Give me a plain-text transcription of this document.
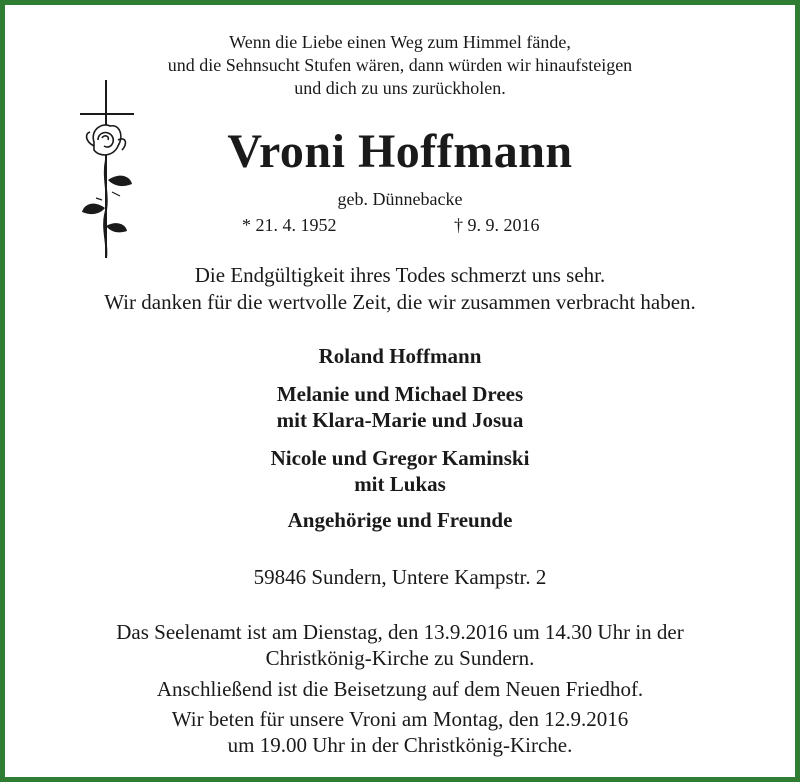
Wenn die Liebe einen Weg zum Himmel fände,
und die Sehnsucht Stufen wären, dann würden wir hinaufsteigen
und dich zu uns zurückholen.
Vroni Hoffmann
geb. Dünnebacke
* 21. 4. 1952	† 9. 9. 2016
Die Endgültigkeit ihres Todes schmerzt uns sehr.
Wir danken für die wertvolle Zeit, die wir zusammen verbracht haben.
Roland Hoffmann
Melanie und Michael Drees
mit Klara-Marie und Josua
Nicole und Gregor Kaminski
mit Lukas
Angehörige und Freunde
59846 Sundern, Untere Kampstr. 2
Das Seelenamt ist am Dienstag, den 13.9.2016 um 14.30 Uhr in der
Christkönig-Kirche zu Sundern.
Anschließend ist die Beisetzung auf dem Neuen Friedhof.
Wir beten für unsere Vroni am Montag, den 12.9.2016
um 19.00 Uhr in der Christkönig-Kirche.
